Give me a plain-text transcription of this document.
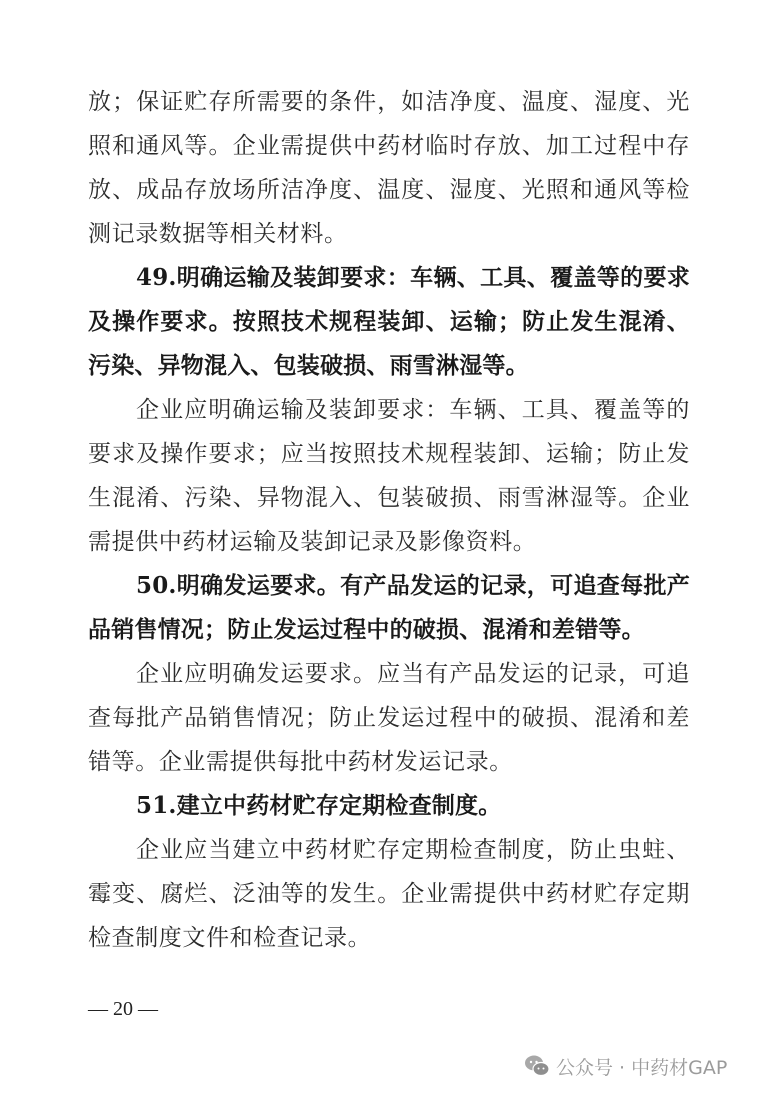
放；保证贮存所需要的条件，如洁净度、温度、湿度、光照和通风等。企业需提供中药材临时存放、加工过程中存放、成品存放场所洁净度、温度、湿度、光照和通风等检测记录数据等相关材料。

49.明确运输及装卸要求：车辆、工具、覆盖等的要求及操作要求。按照技术规程装卸、运输；防止发生混淆、污染、异物混入、包装破损、雨雪淋湿等。

企业应明确运输及装卸要求：车辆、工具、覆盖等的要求及操作要求；应当按照技术规程装卸、运输；防止发生混淆、污染、异物混入、包装破损、雨雪淋湿等。企业需提供中药材运输及装卸记录及影像资料。

50.明确发运要求。有产品发运的记录，可追查每批产品销售情况；防止发运过程中的破损、混淆和差错等。

企业应明确发运要求。应当有产品发运的记录，可追查每批产品销售情况；防止发运过程中的破损、混淆和差错等。企业需提供每批中药材发运记录。

51.建立中药材贮存定期检查制度。

企业应当建立中药材贮存定期检查制度，防止虫蛀、霉变、腐烂、泛油等的发生。企业需提供中药材贮存定期检查制度文件和检查记录。

— 20 —
公众号 · 中药材GAP
